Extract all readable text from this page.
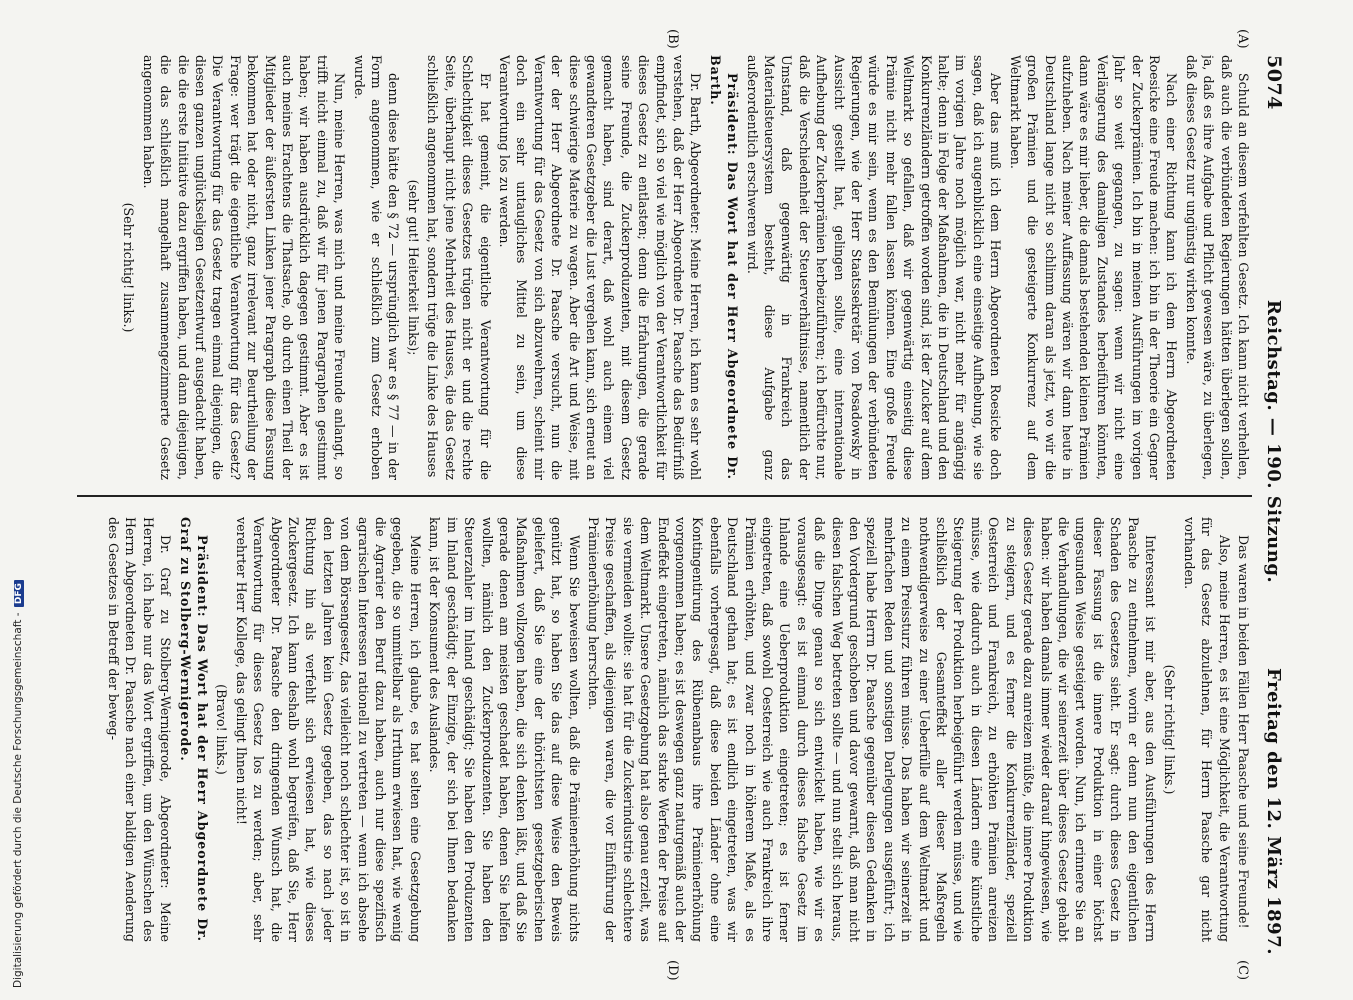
Digitalisierung gefördert durch die Deutsche Forschungsgemeinschaft - DFG
5074
Reichstag. — 190. Sitzung.
Freitag den 12. März 1897.
(A)
(B)
(C)
(D)

Schuld an diesem verfehlten Gesetz. Ich kann nicht verhehlen, daß auch die verbündeten Regierungen hätten überlegen sollen, ja, daß es ihre Aufgabe und Pflicht gewesen wäre, zu überlegen, daß dieses Gesetz nur ungünstig wirken konnte.

Nach einer Richtung kann ich dem Herrn Abgeordneten Roesicke eine Freude machen: ich bin in der Theorie ein Gegner der Zuckerprämien. Ich bin in meinen Ausführungen im vorigen Jahr so weit gegangen, zu sagen: wenn wir nicht eine Verlängerung des damaligen Zustandes herbeiführen könnten, dann wäre es mir lieber, die damals bestehenden kleinen Prämien aufzuheben. Nach meiner Auffassung wären wir dann heute in Deutschland lange nicht so schlimm daran als jetzt, wo wir die großen Prämien und die gesteigerte Konkurrenz auf dem Weltmarkt haben.

Aber das muß ich dem Herrn Abgeordneten Roesicke doch sagen, daß ich augenblicklich eine einseitige Aufhebung, wie sie im vorigen Jahre noch möglich war, nicht mehr für angängig halte; denn in Folge der Maßnahmen, die in Deutschland und den Konkurrenzländern getroffen worden sind, ist der Zucker auf dem Weltmarkt so gefallen, daß wir gegenwärtig einseitig diese Prämie nicht mehr fallen lassen können. Eine große Freude würde es mir sein, wenn es den Bemühungen der verbündeten Regierungen, wie der Herr Staatssekretär von Posadowsky in Aussicht gestellt hat, gelingen sollte, eine internationale Aufhebung der Zuckerprämien herbeizuführen; ich befürchte nur, daß die Verschiedenheit der Steuerverhältnisse, namentlich der Umstand, daß gegenwärtig in Frankreich das Materialsteuersystem besteht, diese Aufgabe ganz außerordentlich erschweren wird.

Präsident: Das Wort hat der Herr Abgeordnete Dr. Barth.

Dr. Barth, Abgeordneter: Meine Herren, ich kann es sehr wohl verstehen, daß der Herr Abgeordnete Dr. Paasche das Bedürfniß empfindet, sich so viel wie möglich von der Verantwortlichkeit für dieses Gesetz zu entlasten; denn die Erfahrungen, die gerade seine Freunde, die Zuckerproduzenten, mit diesem Gesetz gemacht haben, sind derart, daß wohl auch einem viel gewandteren Gesetzgeber die Lust vergehen kann, sich erneut an diese schwierige Materie zu wagen. Aber die Art und Weise, mit der der Herr Abgeordnete Dr. Paasche versucht, nun die Verantwortung für das Gesetz von sich abzuwehren, scheint mir doch ein sehr untaugliches Mittel zu sein, um diese Verantwortung los zu werden.

Er hat gemeint, die eigentliche Verantwortung für die Schlechtigkeit dieses Gesetzes trügen nicht er und die rechte Seite, überhaupt nicht jene Mehrheit des Hauses, die das Gesetz schließlich angenommen hat, sondern trüge die Linke des Hauses

(sehr gut! Heiterkeit links);

denn diese hätte den § 72 — ursprünglich war es § 77 — in der Form angenommen, wie er schließlich zum Gesetz erhoben wurde.

Nun, meine Herren, was mich und meine Freunde anlangt, so trifft nicht einmal zu, daß wir für jenen Paragraphen gestimmt haben; wir haben ausdrücklich dagegen gestimmt. Aber es ist auch meines Erachtens die Thatsache, ob durch einen Theil der Mitglieder der äußersten Linken jener Paragraph diese Fassung bekommen hat oder nicht, ganz irrelevant zur Beurtheilung der Frage: wer trägt die eigentliche Verantwortung für das Gesetz? Die Verantwortung für das Gesetz tragen einmal diejenigen, die diesen ganzen unglückseligen Gesetzentwurf ausgedacht haben, die die erste Initiative dazu ergriffen haben, und dann diejenigen, die das schließlich mangelhaft zusammengezimmerte Gesetz angenommen haben.

(Sehr richtig! links.)

Das waren in beiden Fällen Herr Paasche und seine Freunde!

Also, meine Herren, es ist eine Möglichkeit, die Verantwortung für das Gesetz abzulehnen, für Herrn Paasche gar nicht vorhanden.

(Sehr richtig! links.)

Interessant ist mir aber, aus den Ausführungen des Herrn Paasche zu entnehmen, worin er denn nun den eigentlichen Schaden des Gesetzes sieht. Er sagt: durch dieses Gesetz in dieser Fassung ist die innere Produktion in einer höchst ungesunden Weise gesteigert worden. Nun, ich erinnere Sie an die Verhandlungen, die wir seinerzeit über dieses Gesetz gehabt haben: wir haben damals immer wieder darauf hingewiesen, wie dieses Gesetz gerade dazu anreizen müßte, die innere Produktion zu steigern, und es ferner die Konkurrenzländer, speziell Oesterreich und Frankreich, zu erhöhten Prämien anreizen müsse, wie dadurch auch in diesen Ländern eine künstliche Steigerung der Produktion herbeigeführt werden müsse, und wie schließlich der Gesamteffekt aller dieser Maßregeln nothwendigerweise zu einer Ueberfülle auf dem Weltmarkt und zu einem Preissturz führen müsse. Das haben wir seinerzeit in mehrfachen Reden und sonstigen Darlegungen ausgeführt; ich speziell habe Herrn Dr. Paasche gegenüber diesen Gedanken in den Vordergrund geschoben und davor gewarnt, daß man nicht diesen falschen Weg betreten sollte — und nun stellt sich heraus, daß die Dinge genau so sich entwickelt haben, wie wir es vorausgesagt: es ist einmal durch dieses falsche Gesetz im Inlande eine Ueberproduktion eingetreten; es ist ferner eingetreten, daß sowohl Oesterreich wie auch Frankreich ihre Prämien erhöhten, und zwar noch in höherem Maße, als es Deutschland gethan hat; es ist endlich eingetreten, was wir ebenfalls vorhergesagt, daß diese beiden Länder ohne eine Kontingentirung des Rübenanbaus ihre Prämienerhöhung vorgenommen haben; es ist deswegen ganz naturgemäß auch der Endeffekt eingetreten, nämlich das starke Werfen der Preise auf dem Weltmarkt. Unsere Gesetzgebung hat also genau erzielt, was sie vermeiden wollte: sie hat für die Zuckerindustrie schlechtere Preise geschaffen, als diejenigen waren, die vor Einführung der Prämienerhöhung herrschten.

Wenn Sie beweisen wollten, daß die Prämienerhöhung nichts genützt hat, so haben Sie das auf diese Weise den Beweis geliefert, daß Sie eine der thörichtsten gesetzgeberischen Maßnahmen vollzogen haben, die sich denken läßt, und daß Sie gerade denen am meisten geschadet haben, denen Sie helfen wollten, nämlich den Zuckerproduzenten. Sie haben den Steuerzahler im Inland geschädigt; Sie haben den Produzenten im Inland geschädigt; der Einzige, der sich bei Ihnen bedanken kann, ist der Konsument des Auslandes.

Meine Herren, ich glaube, es hat selten eine Gesetzgebung gegeben, die so unmittelbar als Irrthum erwiesen hat, wie wenig die Agrarier den Beruf dazu haben, auch nur diese spezifisch agrarischen Interessen rationell zu vertreten — wenn ich absehe von dem Börsengesetz, das vielleicht noch schlechter ist, so ist in den letzten Jahren kein Gesetz gegeben, das so nach jeder Richtung hin als verfehlt sich erwiesen hat, wie dieses Zuckergesetz. Ich kann deshalb wohl begreifen, daß Sie, Herr Abgeordneter Dr. Paasche den dringenden Wunsch hat, die Verantwortung für dieses Gesetz los zu werden; aber, sehr verehrter Herr Kollege, das gelingt Ihnen nicht!

(Bravo! links.)

Präsident: Das Wort hat der Herr Abgeordnete Dr. Graf zu Stolberg-Wernigerode.

Dr. Graf zu Stolberg-Wernigerode, Abgeordneter: Meine Herren, ich habe nur das Wort ergriffen, um den Wünschen des Herrn Abgeordneten Dr. Paasche nach einer baldigen Aenderung des Gesetzes in Betreff der beweg-
